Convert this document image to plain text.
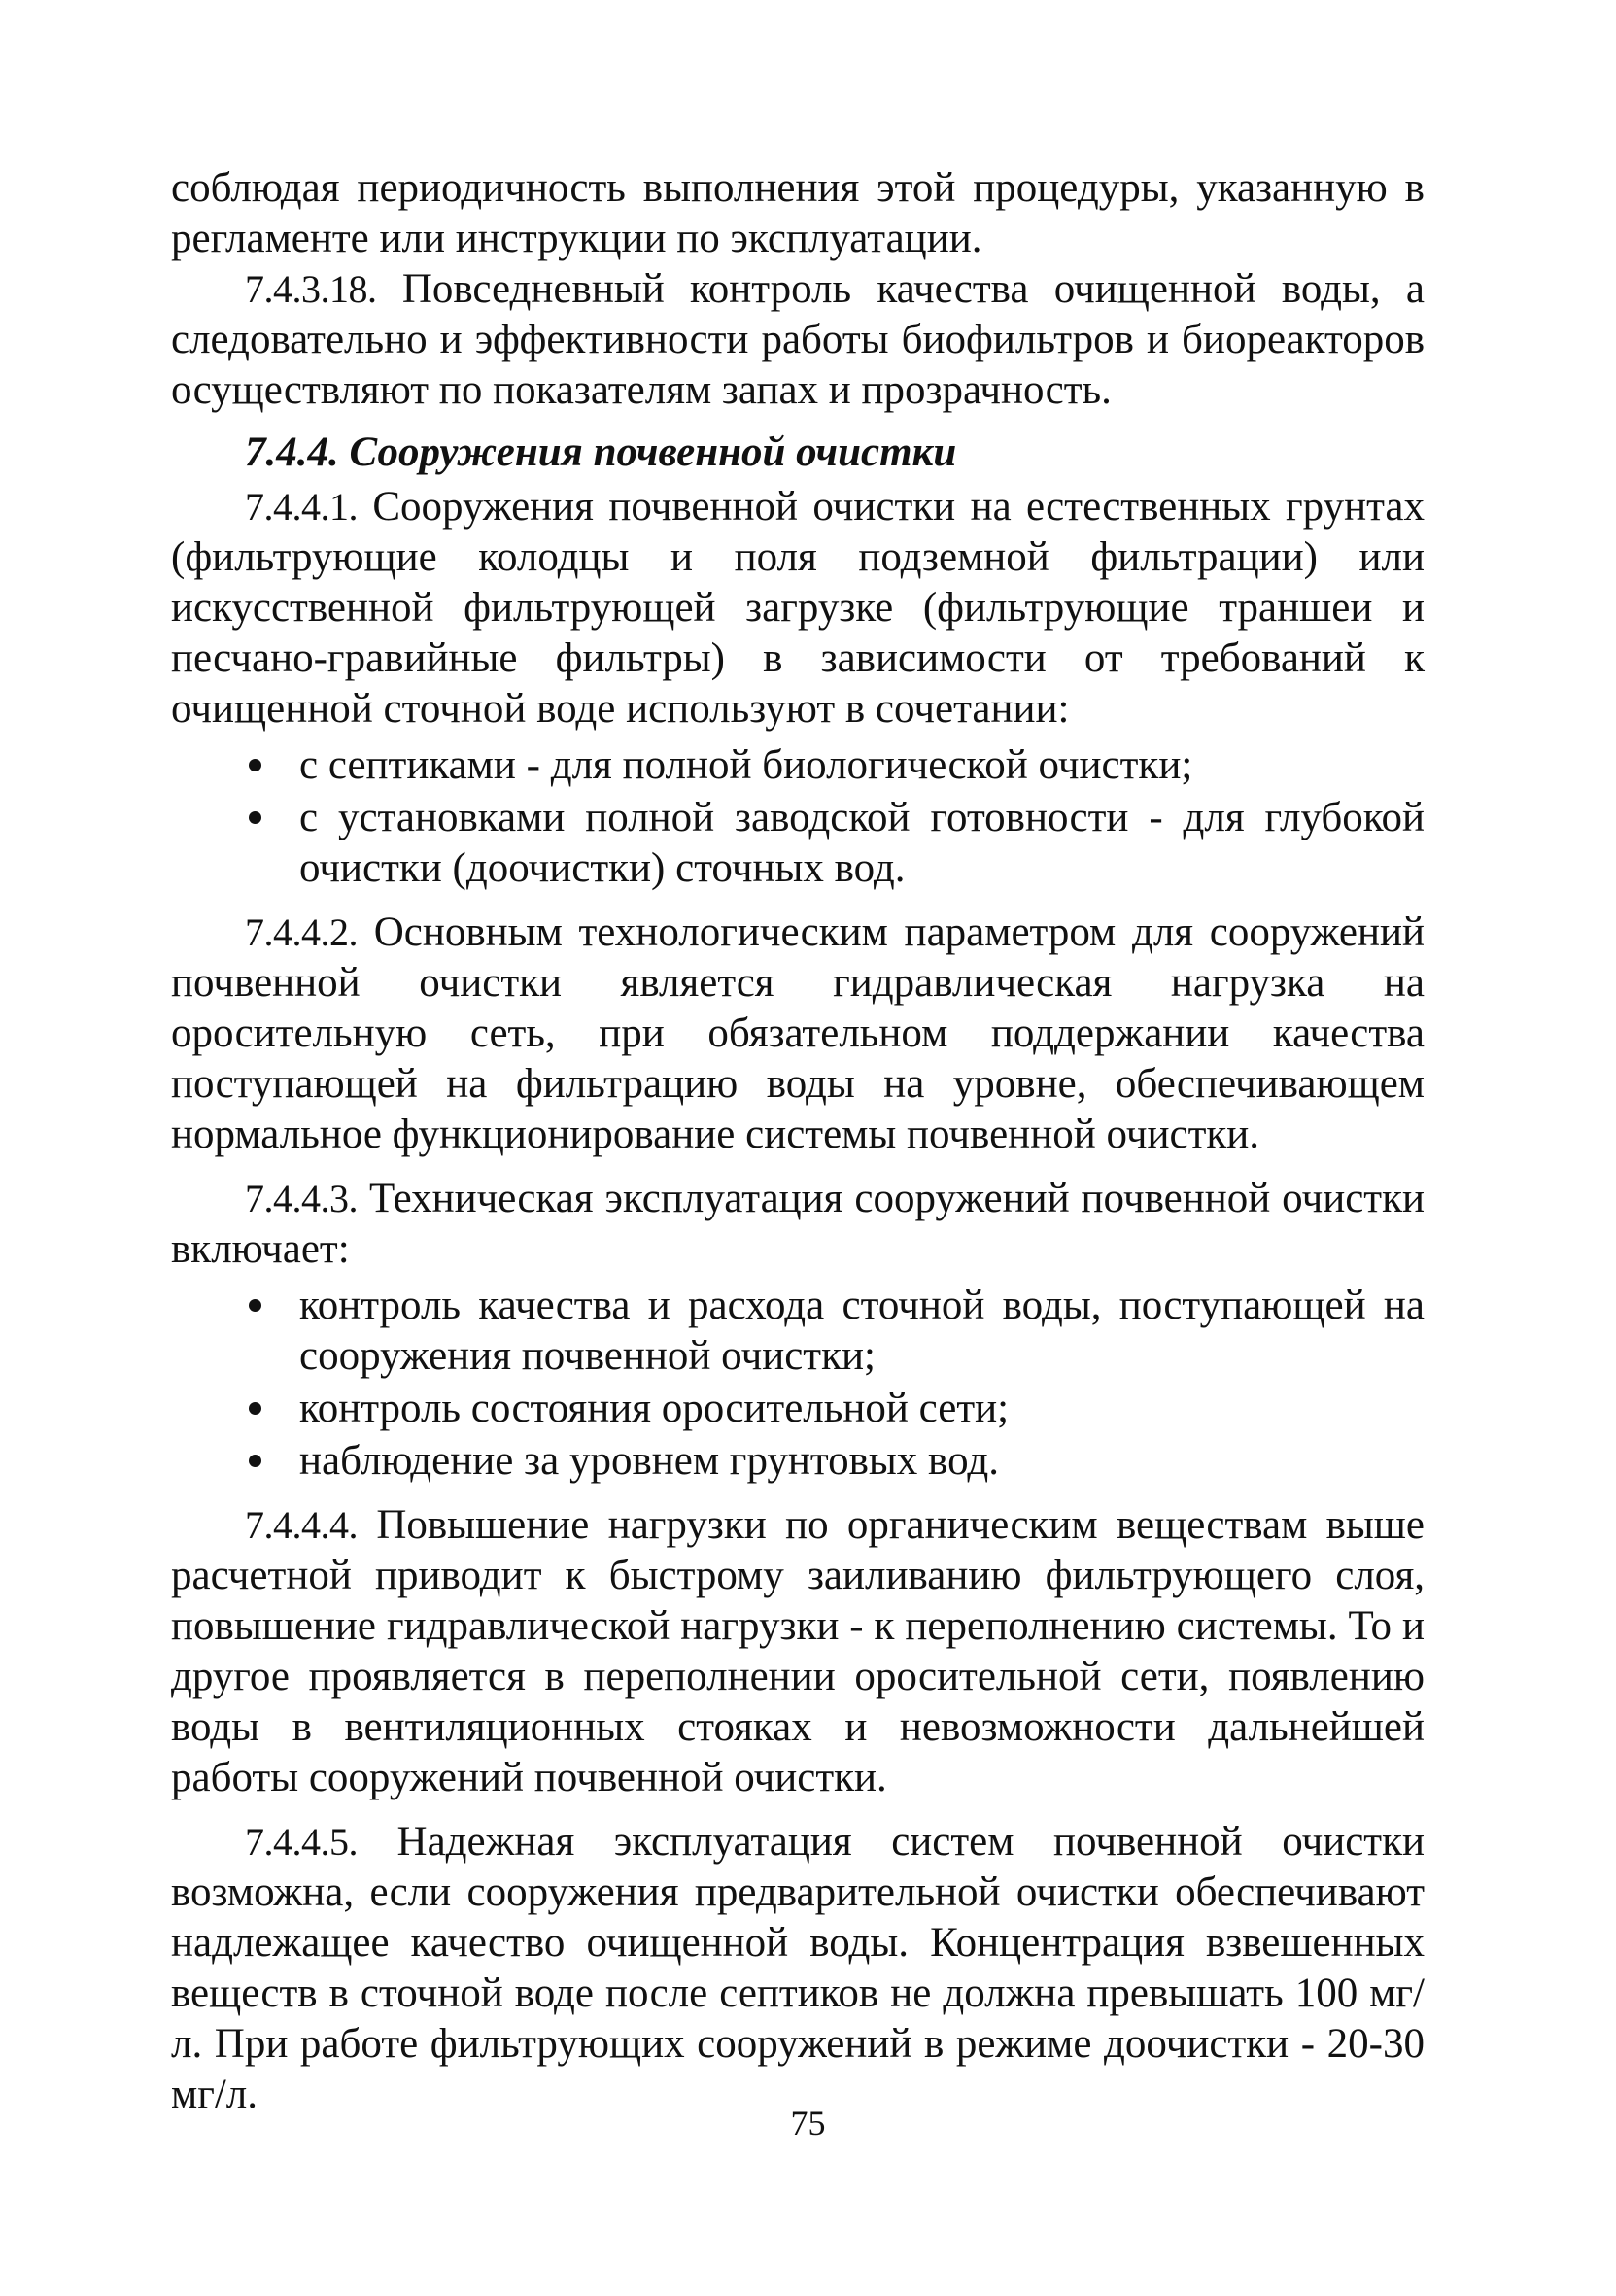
соблюдая периодичность выполнения этой процедуры, указанную в регламенте или инструкции по эксплуатации.

7.4.3.18. Повседневный контроль качества очищенной воды, а следовательно и эффективности работы биофильтров и биореакторов осуществляют по показателям запах и прозрачность.

7.4.4. Сооружения почвенной очистки

7.4.4.1. Сооружения почвенной очистки на естественных грунтах (фильтрующие колодцы и поля подземной фильтрации) или искусственной фильтрующей загрузке (фильтрующие траншеи и песчано-гравийные фильтры) в зависимости от требований к очищенной сточной воде используют в сочетании:

с септиками - для полной биологической очистки;
с установками полной заводской готовности - для глубокой очистки (доочистки) сточных вод.

7.4.4.2. Основным технологическим параметром для сооружений почвенной очистки является гидравлическая нагрузка на оросительную сеть, при обязательном поддержании качества поступающей на фильтрацию воды на уровне, обеспечивающем нормальное функционирование системы почвенной очистки.

7.4.4.3. Техническая эксплуатация сооружений почвенной очистки включает:

контроль качества и расхода сточной воды, поступающей на сооружения почвенной очистки;
контроль состояния оросительной сети;
наблюдение за уровнем грунтовых вод.

7.4.4.4. Повышение нагрузки по органическим веществам выше расчетной приводит к быстрому заиливанию фильтрующего слоя, повышение гидравлической нагрузки - к переполнению системы. То и другое проявляется в переполнении оросительной сети, появлению воды в вентиляционных стояках и невозможности дальнейшей работы сооружений почвенной очистки.

7.4.4.5. Надежная эксплуатация систем почвенной очистки возможна, если сооружения предварительной очистки обеспечивают надлежащее качество очищенной воды. Концентрация взвешенных веществ в сточной воде после септиков не должна превышать 100 мг/л. При работе фильтрующих сооружений в режиме доочистки - 20-30 мг/л.

75
